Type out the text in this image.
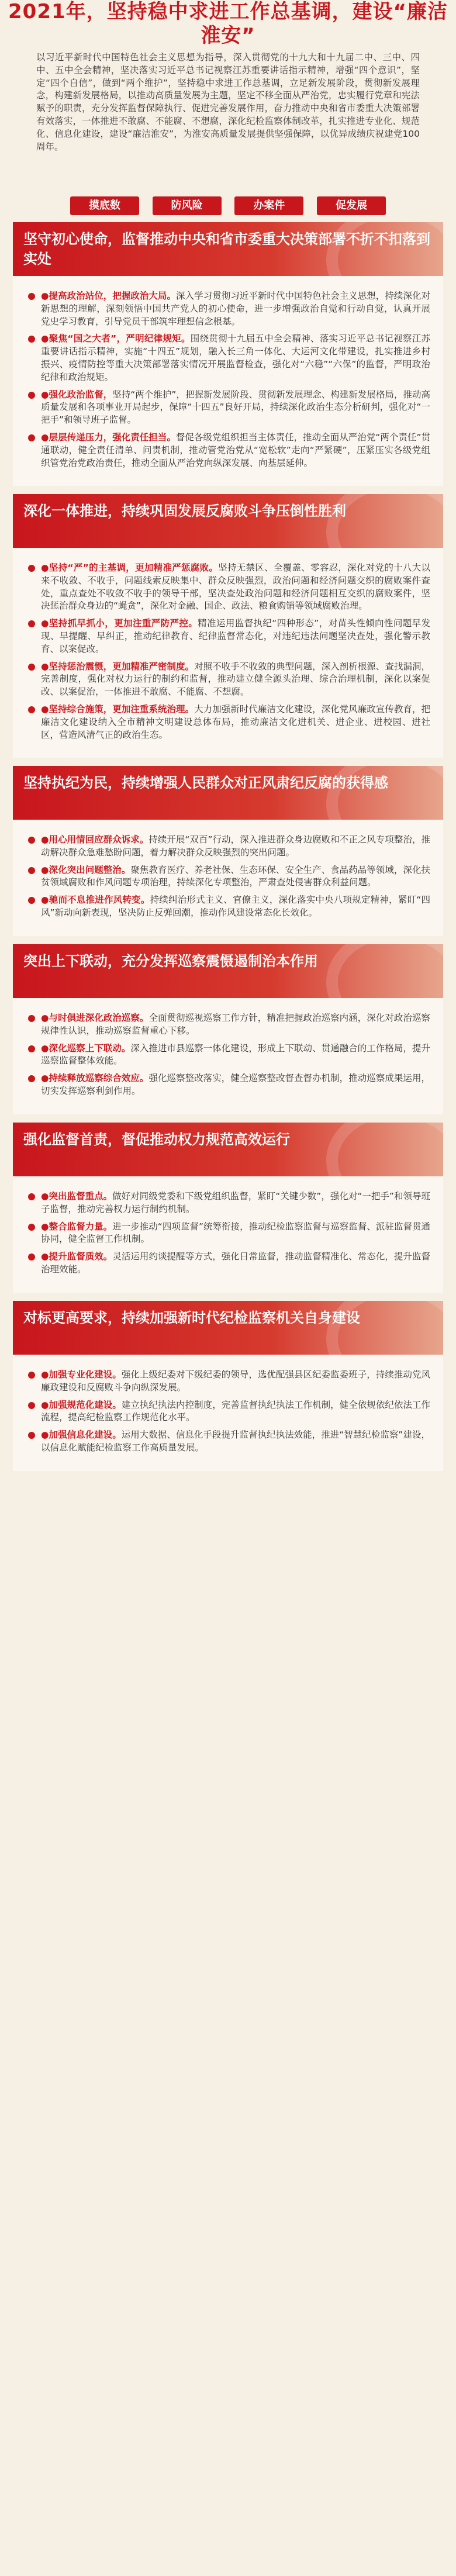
2021年，坚持稳中求进工作总基调，建设“廉洁淮安”

以习近平新时代中国特色社会主义思想为指导，深入贯彻党的十九大和十九届二中、三中、四中、五中全会精神，坚决落实习近平总书记视察江苏重要讲话指示精神，增强“四个意识”，坚定“四个自信”，做到“两个维护”，坚持稳中求进工作总基调，立足新发展阶段，贯彻新发展理念，构建新发展格局，以推动高质量发展为主题，坚定不移全面从严治党，忠实履行党章和宪法赋予的职责，充分发挥监督保障执行、促进完善发展作用，奋力推动中央和省市委重大决策部署有效落实，一体推进不敢腐、不能腐、不想腐，深化纪检监察体制改革，扎实推进专业化、规范化、信息化建设，建设“廉洁淮安”，为淮安高质量发展提供坚强保障，以优异成绩庆祝建党100周年。

摸底数	防风险	办案件	促发展
坚守初心使命，监督推动中央和省市委重大决策部署不折不扣落到实处

●提高政治站位，把握政治大局。深入学习贯彻习近平新时代中国特色社会主义思想，持续深化对新思想的理解，深刻领悟中国共产党人的初心使命，进一步增强政治自觉和行动自觉，认真开展党史学习教育，引导党员干部筑牢理想信念根基。

●聚焦“国之大者”，严明纪律规矩。围绕贯彻十九届五中全会精神、落实习近平总书记视察江苏重要讲话指示精神，实施“十四五”规划，融入长三角一体化、大运河文化带建设，扎实推进乡村振兴、疫情防控等重大决策部署落实情况开展监督检查，强化对“六稳”“六保”的监督，严明政治纪律和政治规矩。

●强化政治监督，坚持“两个维护”，把握新发展阶段、贯彻新发展理念、构建新发展格局，推动高质量发展和各项事业开局起步，保障“十四五”良好开局，持续深化政治生态分析研判，强化对“一把手”和领导班子监督。

●层层传递压力，强化责任担当。督促各级党组织担当主体责任，推动全面从严治党“两个责任”贯通联动，健全责任清单、问责机制，推动管党治党从“宽松软”走向“严紧硬”，压紧压实各级党组织管党治党政治责任，推动全面从严治党向纵深发展、向基层延伸。

深化一体推进，持续巩固发展反腐败斗争压倒性胜利

●坚持“严”的主基调，更加精准严惩腐败。坚持无禁区、全覆盖、零容忍，深化对党的十八大以来不收敛、不收手，问题线索反映集中、群众反映强烈，政治问题和经济问题交织的腐败案件查处，重点查处不收敛不收手的领导干部，坚决查处政治问题和经济问题相互交织的腐败案件，坚决惩治群众身边的“蝇贪”，深化对金融、国企、政法、粮食购销等领域腐败治理。

●坚持抓早抓小，更加注重严防严控。精准运用监督执纪“四种形态”，对苗头性倾向性问题早发现、早提醒、早纠正，推动纪律教育、纪律监督常态化，对违纪违法问题坚决查处，强化警示教育、以案促改。

●坚持惩治震慑，更加精准严密制度。对照不收手不收敛的典型问题，深入剖析根源、查找漏洞，完善制度，强化对权力运行的制约和监督，推动建立健全源头治理、综合治理机制，深化以案促改、以案促治，一体推进不敢腐、不能腐、不想腐。

●坚持综合施策，更加注重系统治理。大力加强新时代廉洁文化建设，深化党风廉政宣传教育，把廉洁文化建设纳入全市精神文明建设总体布局，推动廉洁文化进机关、进企业、进校园、进社区，营造风清气正的政治生态。

坚持执纪为民，持续增强人民群众对正风肃纪反腐的获得感

●用心用情回应群众诉求。持续开展“双百”行动，深入推进群众身边腐败和不正之风专项整治，推动解决群众急难愁盼问题，着力解决群众反映强烈的突出问题。

●深化突出问题整治。聚焦教育医疗、养老社保、生态环保、安全生产、食品药品等领域，深化扶贫领域腐败和作风问题专项治理，持续深化专项整治，严肃查处侵害群众利益问题。

●驰而不息推进作风转变。持续纠治形式主义、官僚主义，深化落实中央八项规定精神，紧盯“四风”新动向新表现，坚决防止反弹回潮，推动作风建设常态化长效化。

突出上下联动，充分发挥巡察震慑遏制治本作用

●与时俱进深化政治巡察。全面贯彻巡视巡察工作方针，精准把握政治巡察内涵，深化对政治巡察规律性认识，推动巡察监督重心下移。

●深化巡察上下联动。深入推进市县巡察一体化建设，形成上下联动、贯通融合的工作格局，提升巡察监督整体效能。

●持续释放巡察综合效应。强化巡察整改落实，健全巡察整改督查督办机制，推动巡察成果运用，切实发挥巡察利剑作用。

强化监督首责，督促推动权力规范高效运行

●突出监督重点。做好对同级党委和下级党组织监督，紧盯“关键少数”，强化对“一把手”和领导班子监督，推动完善权力运行制约机制。

●整合监督力量。进一步推动“四项监督”统筹衔接，推动纪检监察监督与巡察监督、派驻监督贯通协同，健全监督工作机制。

●提升监督质效。灵活运用约谈提醒等方式，强化日常监督，推动监督精准化、常态化，提升监督治理效能。

对标更高要求，持续加强新时代纪检监察机关自身建设

●加强专业化建设。强化上级纪委对下级纪委的领导，选优配强县区纪委监委班子，持续推动党风廉政建设和反腐败斗争向纵深发展。

●加强规范化建设。建立执纪执法内控制度，完善监督执纪执法工作机制，健全依规依纪依法工作流程，提高纪检监察工作规范化水平。

●加强信息化建设。运用大数据、信息化手段提升监督执纪执法效能，推进“智慧纪检监察”建设，以信息化赋能纪检监察工作高质量发展。
